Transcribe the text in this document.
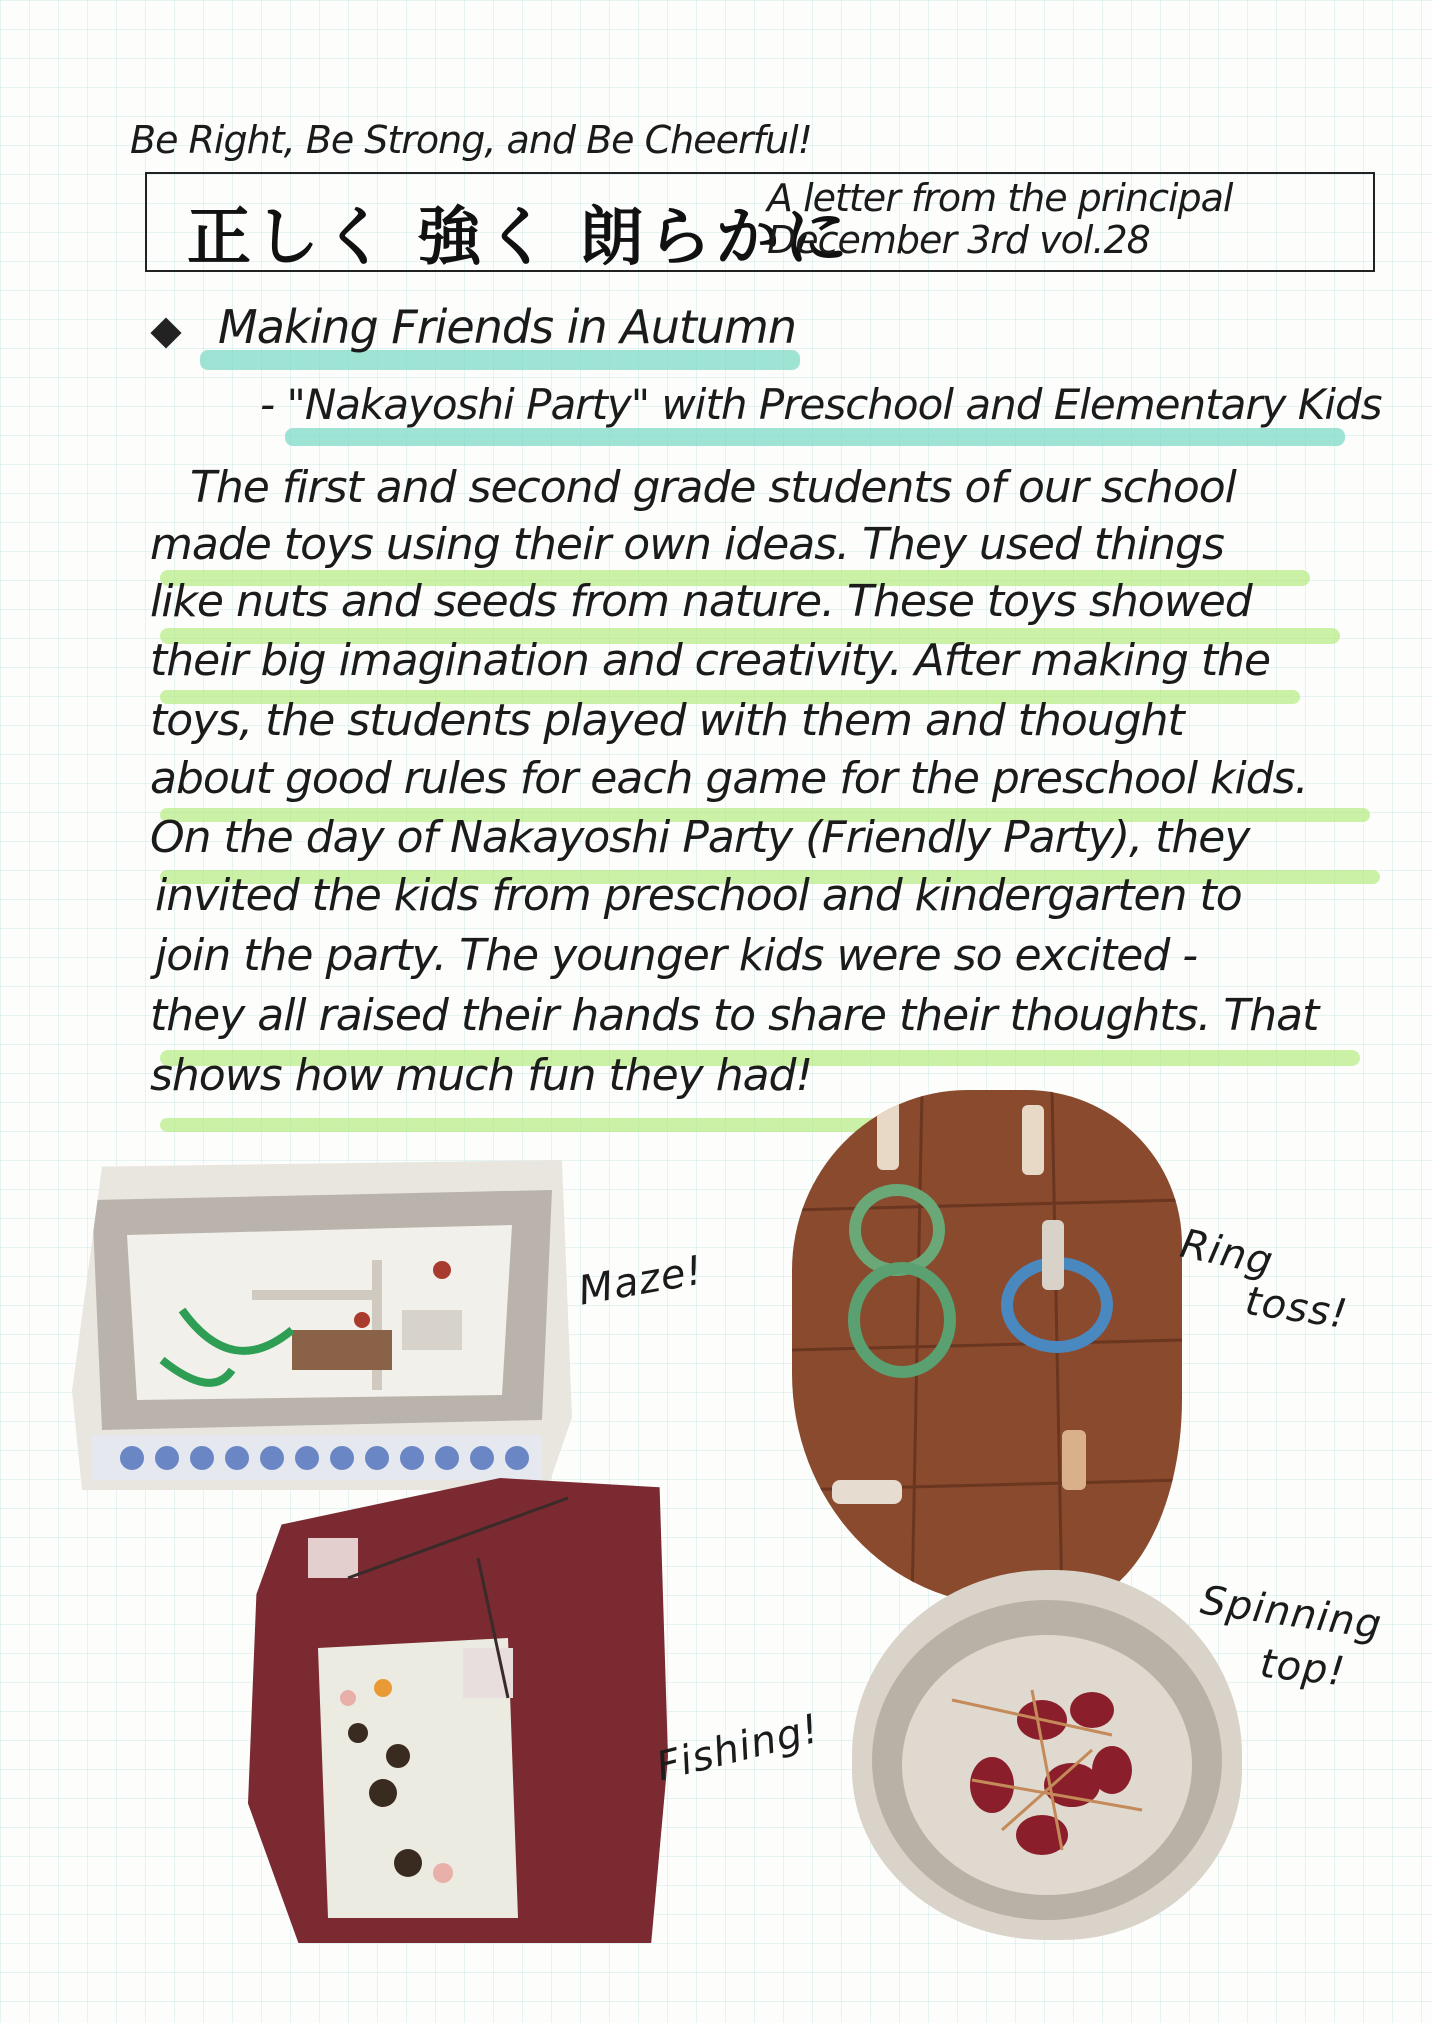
Be Right, Be Strong, and Be Cheerful!
正しく 強く 朗らかに
A letter from the principal
December 3rd vol.28
Making Friends in Autumn
- "Nakayoshi Party" with Preschool and Elementary Kids
The first and second grade students of our school
made toys using their own ideas. They used things
like nuts and seeds from nature. These toys showed
their big imagination and creativity. After making the
toys, the students played with them and thought
about good rules for each game for the preschool kids.
On the day of Nakayoshi Party (Friendly Party), they
invited the kids from preschool and kindergarten to
join the party. The younger kids were so excited -
they all raised their hands to share their thoughts. That
shows how much fun they had!
Maze!	Ring
toss!
Fishing!
Spinning
top!
